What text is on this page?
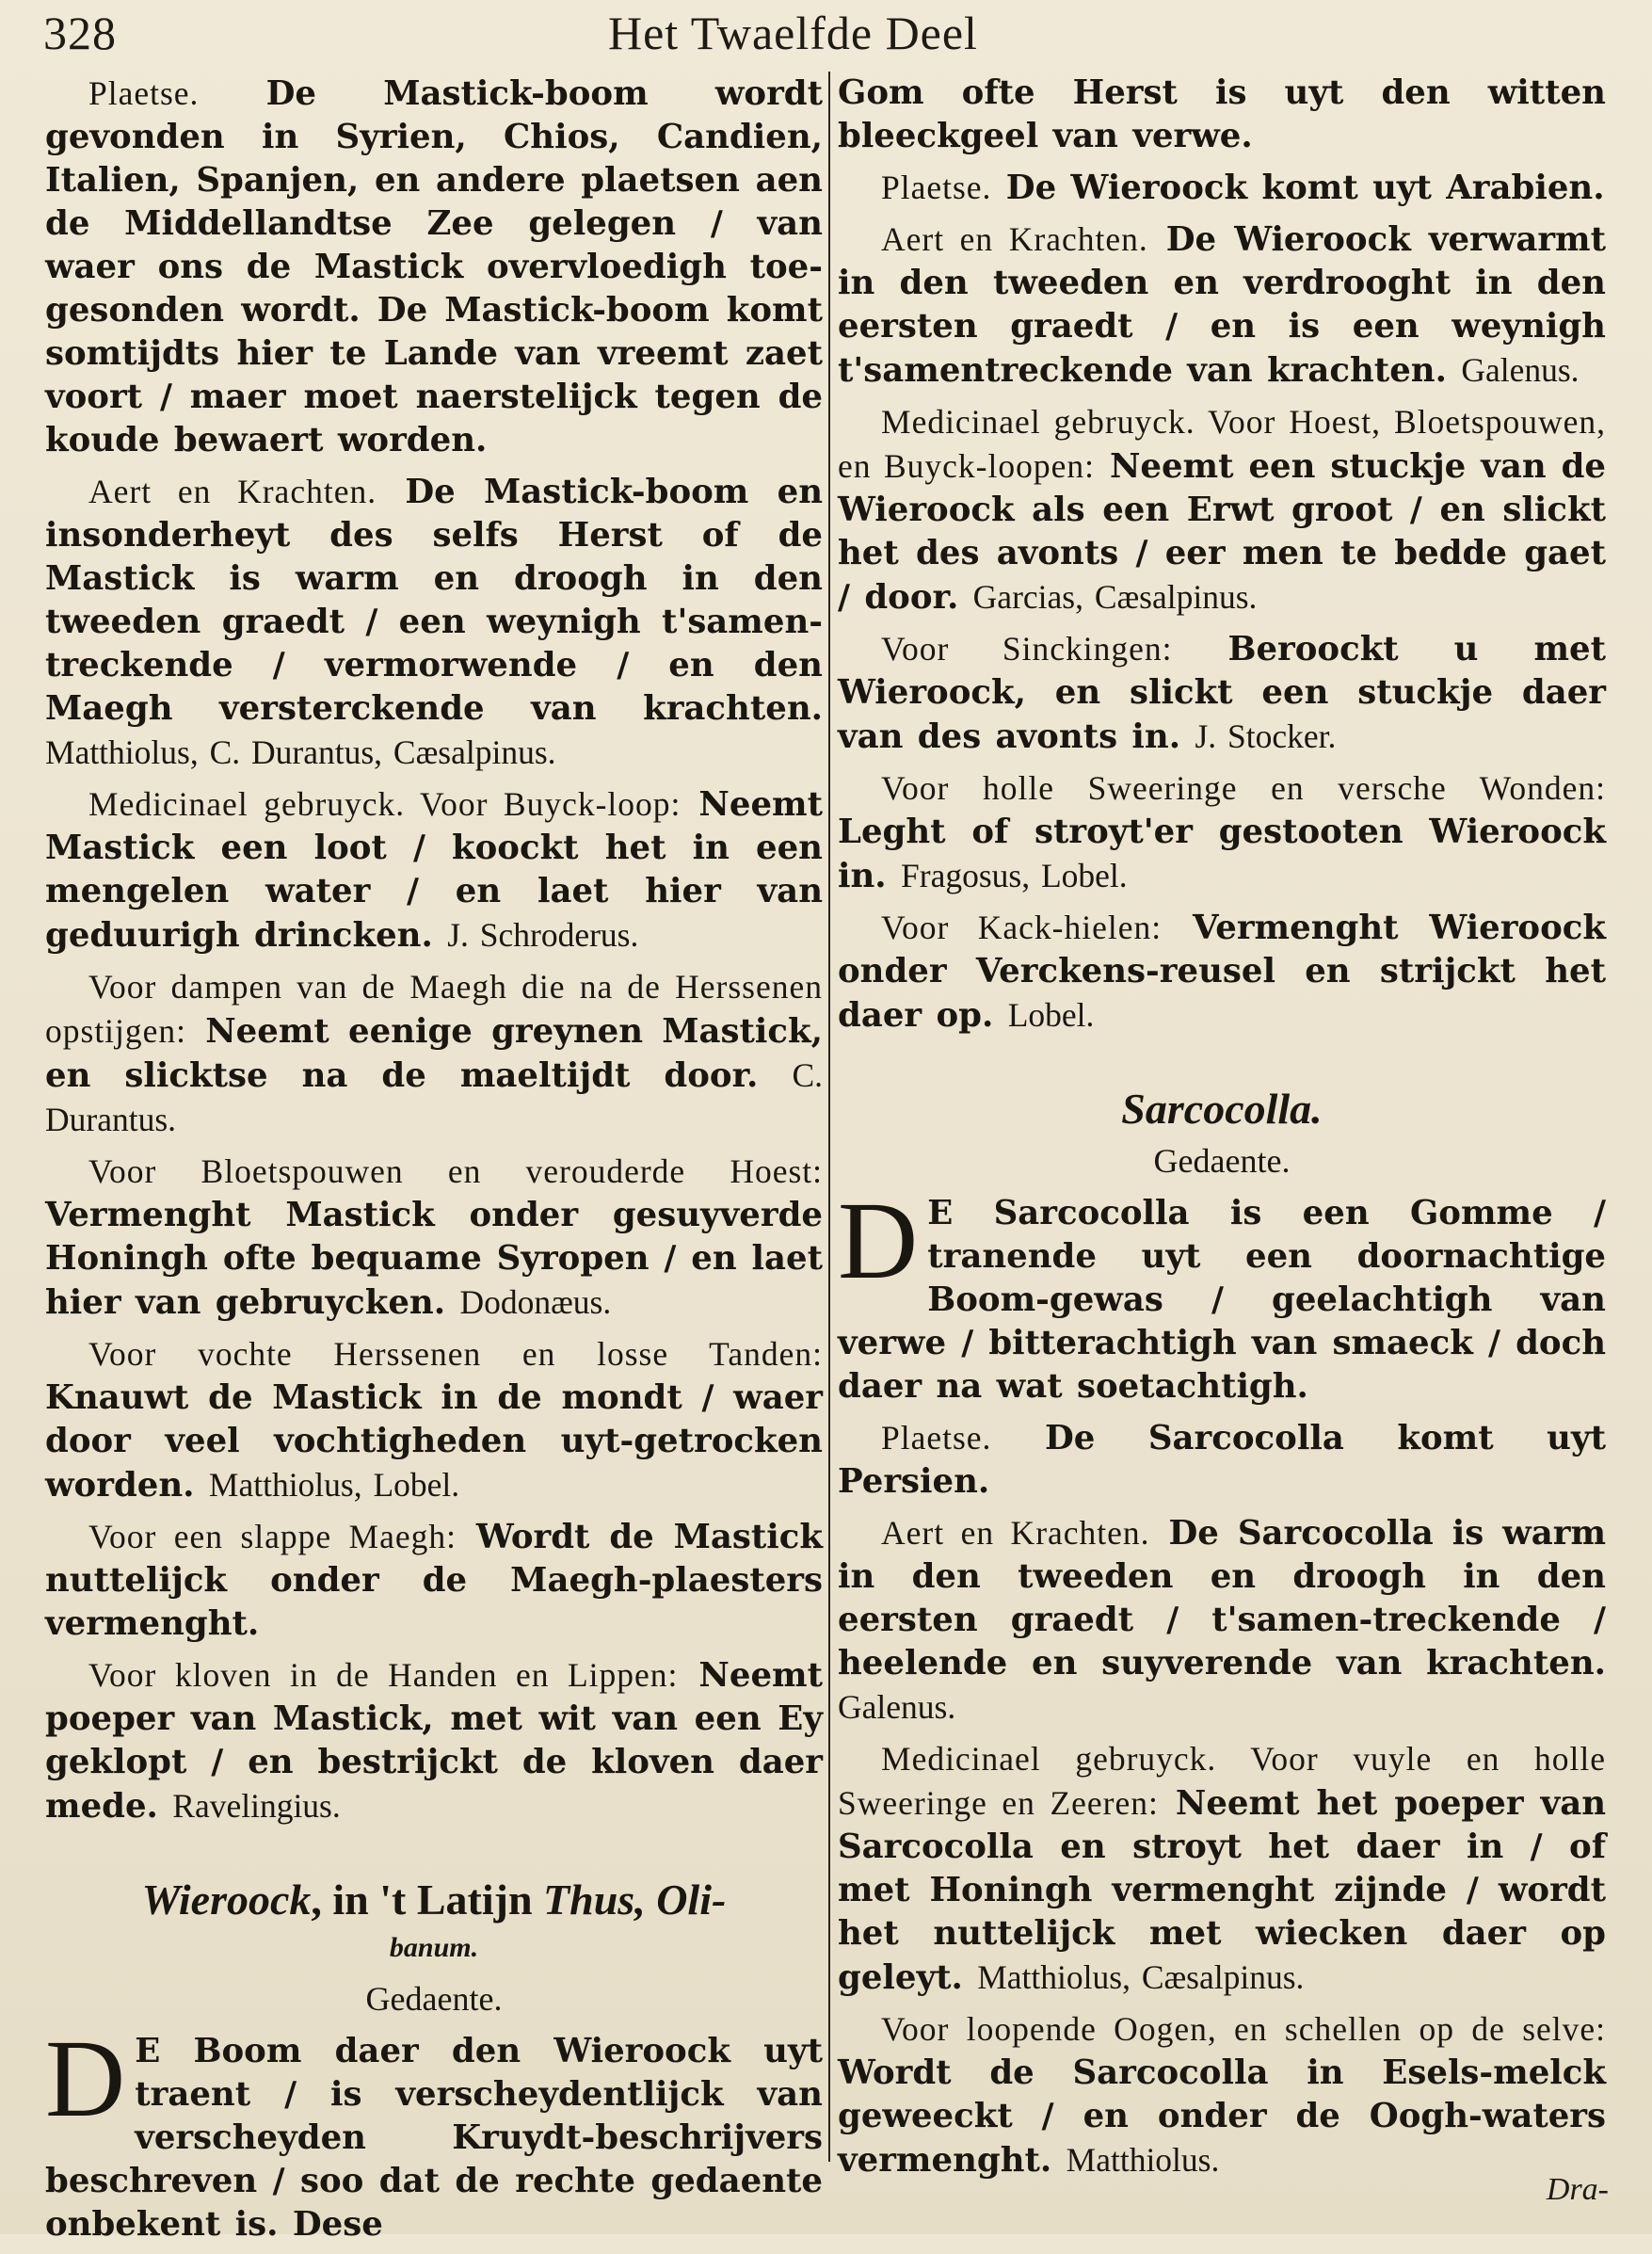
328	Het Twaelfde Deel

Plaetse. De Mastick-boom wordt gevonden in Syrien, Chios, Candien, Italien, Spanjen, en andere plaetsen aen de Middellandtse Zee gelegen / van waer ons de Mastick overvloedigh toe-gesonden wordt. De Mastick-boom komt somtijdts hier te Lande van vreemt zaet voort / maer moet naerstelijck tegen de koude bewaert worden.

Aert en Krachten. De Mastick-boom en insonderheyt des selfs Herst of de Mastick is warm en droogh in den tweeden graedt / een weynigh t'samen-treckende / vermorwende / en den Maegh versterckende van krachten. Matthiolus, C. Durantus, Cæsalpinus.

Medicinael gebruyck. Voor Buyck-loop: Neemt Mastick een loot / koockt het in een mengelen water / en laet hier van geduurigh drincken. J. Schroderus.

Voor dampen van de Maegh die na de Herssenen opstijgen: Neemt eenige greynen Mastick, en slicktse na de maeltijdt door. C. Durantus.

Voor Bloetspouwen en verouderde Hoest: Vermenght Mastick onder gesuyverde Honingh ofte bequame Syropen / en laet hier van gebruycken. Dodonæus.

Voor vochte Herssenen en losse Tanden: Knauwt de Mastick in de mondt / waer door veel vochtigheden uyt-getrocken worden. Matthiolus, Lobel.

Voor een slappe Maegh: Wordt de Mastick nuttelijck onder de Maegh-plaesters vermenght.

Voor kloven in de Handen en Lippen: Neemt poeper van Mastick, met wit van een Ey geklopt / en bestrijckt de kloven daer mede. Ravelingius.

Wieroock, in 't Latijn Thus, Oli-
banum.
Gedaente.

D E Boom daer den Wieroock uyt traent / is verscheydentlijck van verscheyden Kruydt-beschrijvers beschreven / soo dat de rechte gedaente onbekent is. Dese

Gom ofte Herst is uyt den witten bleeckgeel van verwe.

Plaetse. De Wieroock komt uyt Arabien.

Aert en Krachten. De Wieroock verwarmt in den tweeden en verdrooght in den eersten graedt / en is een weynigh t'samentreckende van krachten. Galenus.

Medicinael gebruyck. Voor Hoest, Bloetspouwen, en Buyck-loopen: Neemt een stuckje van de Wieroock als een Erwt groot / en slickt het des avonts / eer men te bedde gaet / door. Garcias, Cæsalpinus.

Voor Sinckingen: Beroockt u met Wieroock, en slickt een stuckje daer van des avonts in. J. Stocker.

Voor holle Sweeringe en versche Wonden: Leght of stroyt'er gestooten Wieroock in. Fragosus, Lobel.

Voor Kack-hielen: Vermenght Wieroock onder Verckens-reusel en strijckt het daer op. Lobel.

Sarcocolla.
Gedaente.

D E Sarcocolla is een Gomme / tranende uyt een doornachtige Boom-gewas / geelachtigh van verwe / bitterachtigh van smaeck / doch daer na wat soetachtigh.

Plaetse. De Sarcocolla komt uyt Persien.

Aert en Krachten. De Sarcocolla is warm in den tweeden en droogh in den eersten graedt / t'samen-treckende / heelende en suyverende van krachten. Galenus.

Medicinael gebruyck. Voor vuyle en holle Sweeringe en Zeeren: Neemt het poeper van Sarcocolla en stroyt het daer in / of met Honingh vermenght zijnde / wordt het nuttelijck met wiecken daer op geleyt. Matthiolus, Cæsalpinus.

Voor loopende Oogen, en schellen op de selve: Wordt de Sarcocolla in Esels-melck geweeckt / en onder de Oogh-waters vermenght. Matthiolus.

Dra-
